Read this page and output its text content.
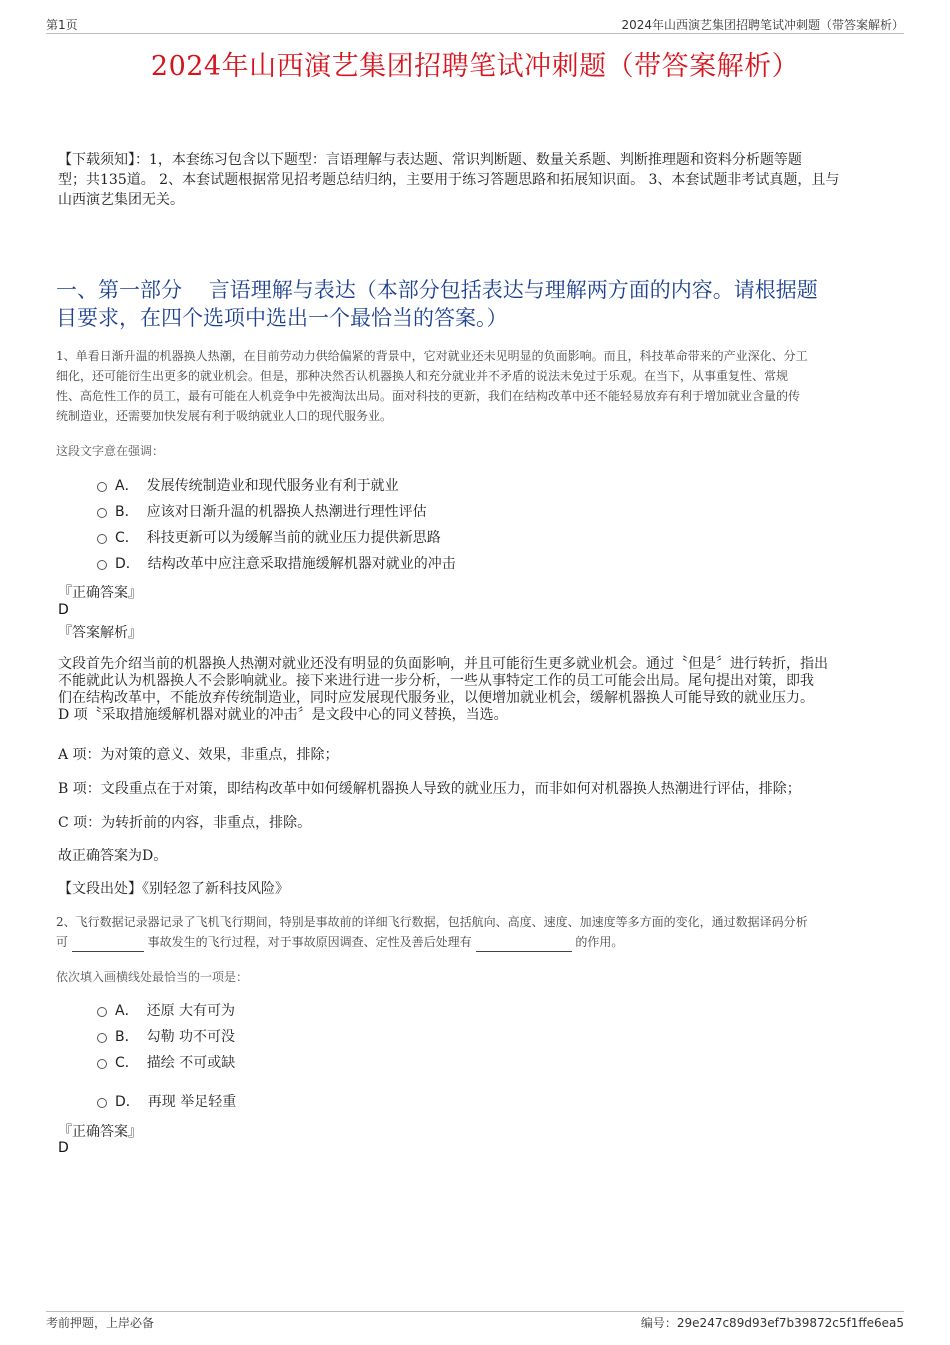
第1页	2024年山西演艺集团招聘笔试冲刺题（带答案解析）
2024年山西演艺集团招聘笔试冲刺题（带答案解析）
【下载须知】：1，本套练习包含以下题型：言语理解与表达题、常识判断题、数量关系题、判断推理题和资料分析题等题
型；共135道。 2、本套试题根据常见招考题总结归纳，主要用于练习答题思路和拓展知识面。 3、本套试题非考试真题，且与
山西演艺集团无关。
一、第一部分    言语理解与表达（本部分包括表达与理解两方面的内容。请根据题
目要求，在四个选项中选出一个最恰当的答案。）
1、单看日渐升温的机器换人热潮，在目前劳动力供给偏紧的背景中，它对就业还未见明显的负面影响。而且，科技革命带来的产业深化、分工
细化，还可能衍生出更多的就业机会。但是，那种决然否认机器换人和充分就业并不矛盾的说法未免过于乐观。在当下，从事重复性、常规
性、高危性工作的员工，最有可能在人机竞争中先被淘汰出局。面对科技的更新，我们在结构改革中还不能轻易放弃有利于增加就业含量的传
统制造业，还需要加快发展有利于吸纳就业人口的现代服务业。
这段文字意在强调：
A． 发展传统制造业和现代服务业有利于就业
B． 应该对日渐升温的机器换人热潮进行理性评估
C． 科技更新可以为缓解当前的就业压力提供新思路
D． 结构改革中应注意采取措施缓解机器对就业的冲击
『正确答案』
D
『答案解析』
文段首先介绍当前的机器换人热潮对就业还没有明显的负面影响，并且可能衍生更多就业机会。通过〝但是〞进行转折，指出
不能就此认为机器换人不会影响就业。接下来进行进一步分析，一些从事特定工作的员工可能会出局。尾句提出对策，即我
们在结构改革中，不能放弃传统制造业，同时应发展现代服务业，以便增加就业机会，缓解机器换人可能导致的就业压力。
D 项〝采取措施缓解机器对就业的冲击〞是文段中心的同义替换，当选。
A 项：为对策的意义、效果，非重点，排除；
B 项：文段重点在于对策，即结构改革中如何缓解机器换人导致的就业压力，而非如何对机器换人热潮进行评估，排除；
C 项：为转折前的内容，非重点，排除。
故正确答案为D。
【文段出处】《别轻忽了新科技风险》
2、飞行数据记录器记录了飞机飞行期间，特别是事故前的详细飞行数据，包括航向、高度、速度、加速度等多方面的变化，通过数据译码分析
可	事故发生的飞行过程，对于事故原因调查、定性及善后处理有	的作用。
依次填入画横线处最恰当的一项是：
A． 还原 大有可为
B． 勾勒 功不可没
C． 描绘 不可或缺
D． 再现 举足轻重
『正确答案』
D
考前押题，上岸必备	编号：29e247c89d93ef7b39872c5f1ffe6ea5
